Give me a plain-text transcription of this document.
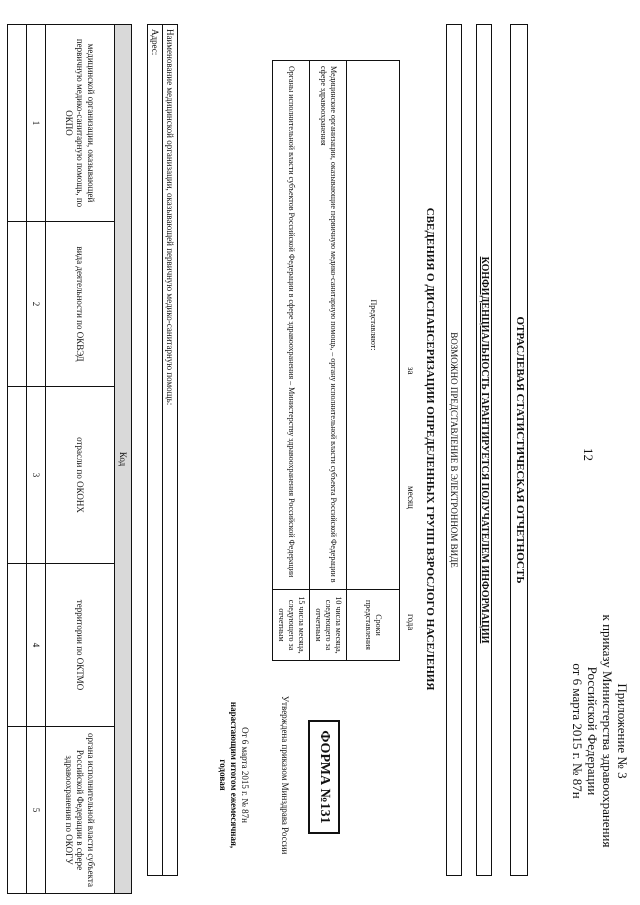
12
Приложение № 3
к приказу Министерства здравоохранения
Российской Федерации
от 6 марта 2015 г. № 87н
ОТРАСЛЕВАЯ СТАТИСТИЧЕСКАЯ ОТЧЕТНОСТЬ
КОНФИДЕНЦИАЛЬНОСТЬ ГАРАНТИРУЕТСЯ ПОЛУЧАТЕЛЕМ ИНФОРМАЦИИ
ВОЗМОЖНО ПРЕДСТАВЛЕНИЕ В ЭЛЕКТРОННОМ ВИДЕ
СВЕДЕНИЯ О ДИСПАНСЕРИЗАЦИИ ОПРЕДЕЛЕННЫХ ГРУПП ВЗРОСЛОГО НАСЕЛЕНИЯ
за
месяц
года
Представляют:	Сроки представления
Медицинские организации, оказывающие первичную медико-санитарную помощь, – органу исполнительной власти субъекта Российской Федерации в сфере здравоохранения	10 числа месяца, следующего за отчетным
Органы исполнительной власти субъектов Российской Федерации в сфере здравоохранения – Министерству здравоохранения Российской Федерации	15 числа месяца, следующего за отчетным
ФОРМА №131
Утверждена приказом Минздрава России
От 6 марта 2015 г. № 87н
нарастающим итогом ежемесячная, годовая
Наименование медицинской организации, оказывающей первичную медико-санитарную помощь:
Адрес:
Код				
медицинской организации, оказывающей первичную медико-санитарную помощь, по ОКПО	вида деятельности по ОКВЭД	отрасли по ОКОНХ	территории по ОКТМО	органа исполнительной власти субъекта Российской Федерации в сфере здравоохранения по ОКОГУ
1	2	3	4	5
